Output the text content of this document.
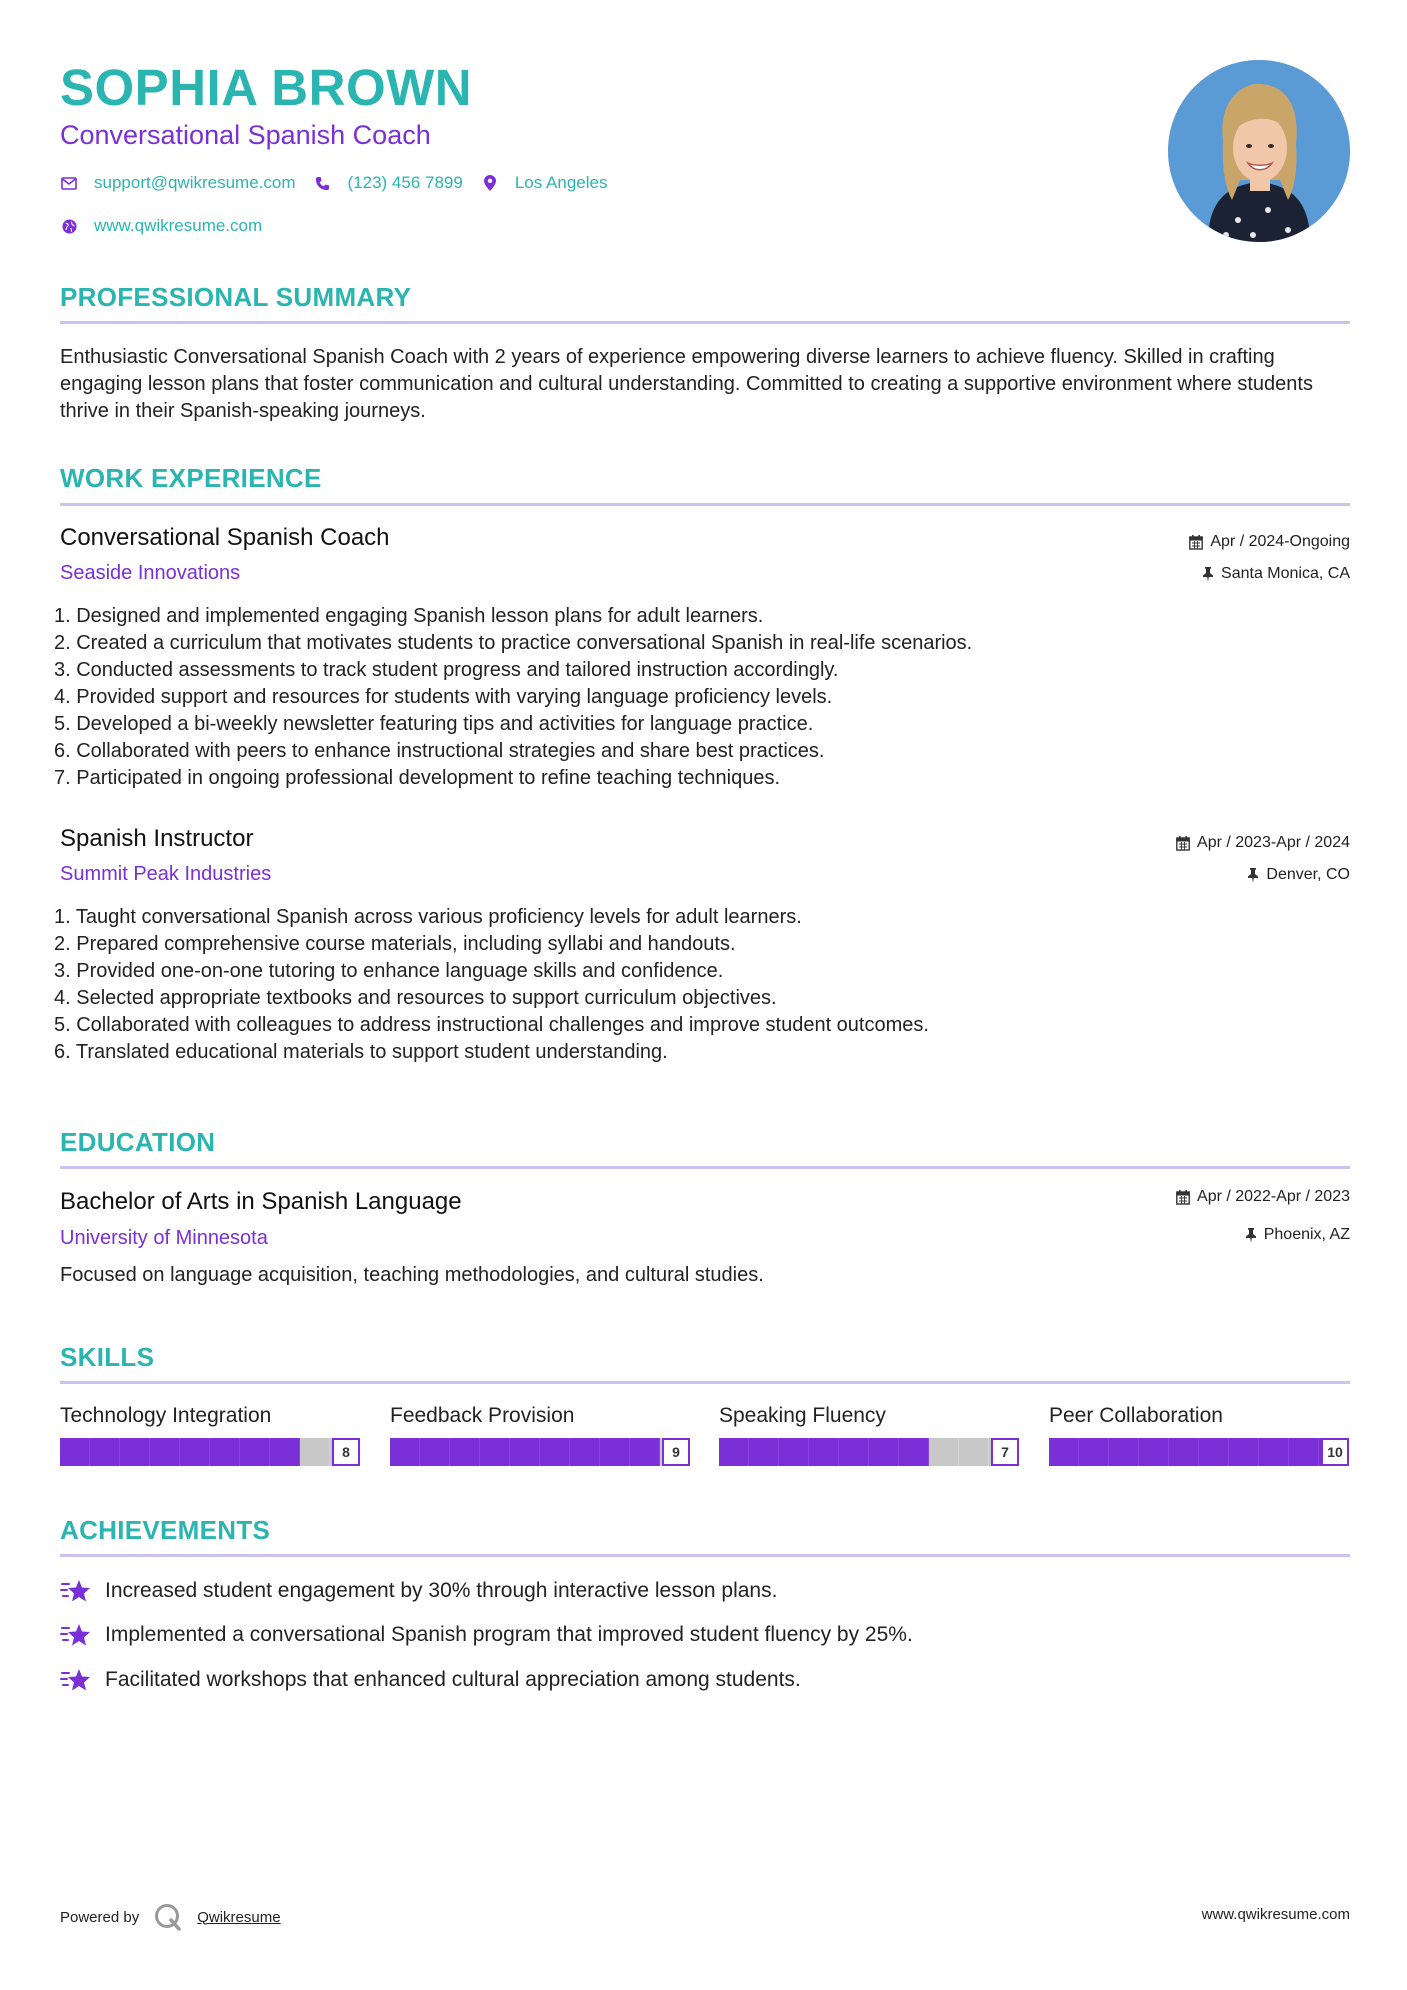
SOPHIA BROWN
Conversational Spanish Coach
support@qwikresume.com	(123) 456 7899	Los Angeles
www.qwikresume.com
PROFESSIONAL SUMMARY
Enthusiastic Conversational Spanish Coach with 2 years of experience empowering diverse learners to achieve fluency. Skilled in crafting engaging lesson plans that foster communication and cultural understanding. Committed to creating a supportive environment where students thrive in their Spanish-speaking journeys.
WORK EXPERIENCE
Conversational Spanish Coach
Seaside Innovations
Apr / 2024-Ongoing
Santa Monica, CA
1. Designed and implemented engaging Spanish lesson plans for adult learners.
2. Created a curriculum that motivates students to practice conversational Spanish in real-life scenarios.
3. Conducted assessments to track student progress and tailored instruction accordingly.
4. Provided support and resources for students with varying language proficiency levels.
5. Developed a bi-weekly newsletter featuring tips and activities for language practice.
6. Collaborated with peers to enhance instructional strategies and share best practices.
7. Participated in ongoing professional development to refine teaching techniques.
Spanish Instructor
Summit Peak Industries
Apr / 2023-Apr / 2024
Denver, CO
1. Taught conversational Spanish across various proficiency levels for adult learners.
2. Prepared comprehensive course materials, including syllabi and handouts.
3. Provided one-on-one tutoring to enhance language skills and confidence.
4. Selected appropriate textbooks and resources to support curriculum objectives.
5. Collaborated with colleagues to address instructional challenges and improve student outcomes.
6. Translated educational materials to support student understanding.
EDUCATION
Bachelor of Arts in Spanish Language
University of Minnesota
Apr / 2022-Apr / 2023
Phoenix, AZ
Focused on language acquisition, teaching methodologies, and cultural studies.
SKILLS
Technology Integration
8
Feedback Provision
9
Speaking Fluency
7
Peer Collaboration
10
ACHIEVEMENTS
Increased student engagement by 30% through interactive lesson plans.
Implemented a conversational Spanish program that improved student fluency by 25%.
Facilitated workshops that enhanced cultural appreciation among students.
Powered by	Qwikresume	www.qwikresume.com
